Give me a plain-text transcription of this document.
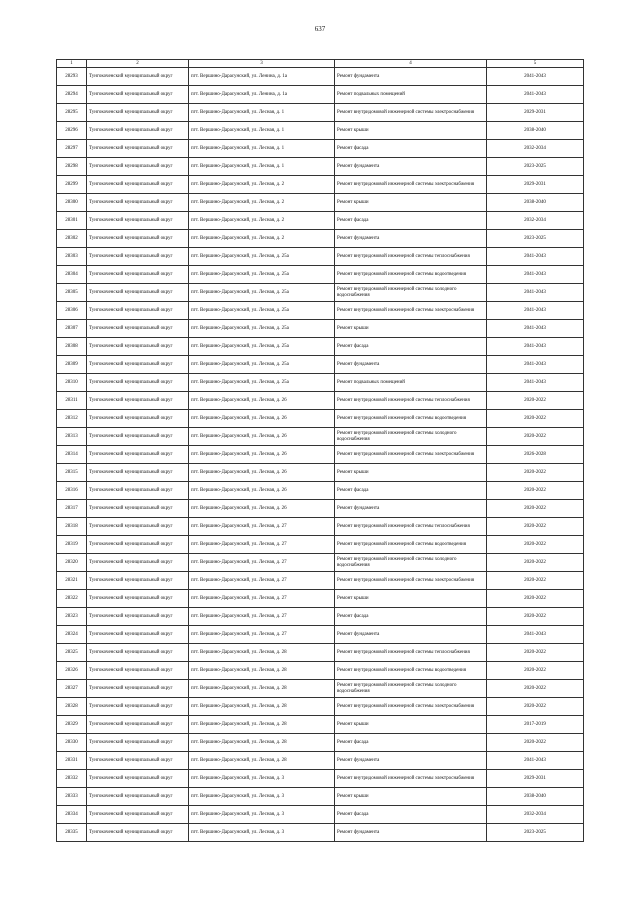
637
1	2	3	4	5
28293	Тунгокоченский муниципальный округ	пгт. Вершино-Дарасунский, ул. Ленина, д. 1а	Ремонт фундамента	2041-2043
28294	Тунгокоченский муниципальный округ	пгт. Вершино-Дарасунский, ул. Ленина, д. 1а	Ремонт подвальных помещений	2041-2043
28295	Тунгокоченский муниципальный округ	пгт. Вершино-Дарасунский, ул. Лесная, д. 1	Ремонт внутридомовой инженерной системы электроснабжения	2029-2031
28296	Тунгокоченский муниципальный округ	пгт. Вершино-Дарасунский, ул. Лесная, д. 1	Ремонт крыши	2038-2040
28297	Тунгокоченский муниципальный округ	пгт. Вершино-Дарасунский, ул. Лесная, д. 1	Ремонт фасада	2032-2034
28298	Тунгокоченский муниципальный округ	пгт. Вершино-Дарасунский, ул. Лесная, д. 1	Ремонт фундамента	2023-2025
28299	Тунгокоченский муниципальный округ	пгт. Вершино-Дарасунский, ул. Лесная, д. 2	Ремонт внутридомовой инженерной системы электроснабжения	2029-2031
28300	Тунгокоченский муниципальный округ	пгт. Вершино-Дарасунский, ул. Лесная, д. 2	Ремонт крыши	2038-2040
28301	Тунгокоченский муниципальный округ	пгт. Вершино-Дарасунский, ул. Лесная, д. 2	Ремонт фасада	2032-2034
28302	Тунгокоченский муниципальный округ	пгт. Вершино-Дарасунский, ул. Лесная, д. 2	Ремонт фундамента	2023-2025
28303	Тунгокоченский муниципальный округ	пгт. Вершино-Дарасунский, ул. Лесная, д. 25а	Ремонт внутридомовой инженерной системы теплоснабжения	2041-2043
28304	Тунгокоченский муниципальный округ	пгт. Вершино-Дарасунский, ул. Лесная, д. 25а	Ремонт внутридомовой инженерной системы водоотведения	2041-2043
28305	Тунгокоченский муниципальный округ	пгт. Вершино-Дарасунский, ул. Лесная, д. 25а	Ремонт внутридомовой инженерной системы холодного водоснабжения	2041-2043
28306	Тунгокоченский муниципальный округ	пгт. Вершино-Дарасунский, ул. Лесная, д. 25а	Ремонт внутридомовой инженерной системы электроснабжения	2041-2043
28307	Тунгокоченский муниципальный округ	пгт. Вершино-Дарасунский, ул. Лесная, д. 25а	Ремонт крыши	2041-2043
28308	Тунгокоченский муниципальный округ	пгт. Вершино-Дарасунский, ул. Лесная, д. 25а	Ремонт фасада	2041-2043
28309	Тунгокоченский муниципальный округ	пгт. Вершино-Дарасунский, ул. Лесная, д. 25а	Ремонт фундамента	2041-2043
28310	Тунгокоченский муниципальный округ	пгт. Вершино-Дарасунский, ул. Лесная, д. 25а	Ремонт подвальных помещений	2041-2043
28311	Тунгокоченский муниципальный округ	пгт. Вершино-Дарасунский, ул. Лесная, д. 26	Ремонт внутридомовой инженерной системы теплоснабжения	2020-2022
28312	Тунгокоченский муниципальный округ	пгт. Вершино-Дарасунский, ул. Лесная, д. 26	Ремонт внутридомовой инженерной системы водоотведения	2020-2022
28313	Тунгокоченский муниципальный округ	пгт. Вершино-Дарасунский, ул. Лесная, д. 26	Ремонт внутридомовой инженерной системы холодного водоснабжения	2020-2022
28314	Тунгокоченский муниципальный округ	пгт. Вершино-Дарасунский, ул. Лесная, д. 26	Ремонт внутридомовой инженерной системы электроснабжения	2026-2028
28315	Тунгокоченский муниципальный округ	пгт. Вершино-Дарасунский, ул. Лесная, д. 26	Ремонт крыши	2020-2022
28316	Тунгокоченский муниципальный округ	пгт. Вершино-Дарасунский, ул. Лесная, д. 26	Ремонт фасада	2020-2022
28317	Тунгокоченский муниципальный округ	пгт. Вершино-Дарасунский, ул. Лесная, д. 26	Ремонт фундамента	2020-2022
28318	Тунгокоченский муниципальный округ	пгт. Вершино-Дарасунский, ул. Лесная, д. 27	Ремонт внутридомовой инженерной системы теплоснабжения	2020-2022
28319	Тунгокоченский муниципальный округ	пгт. Вершино-Дарасунский, ул. Лесная, д. 27	Ремонт внутридомовой инженерной системы водоотведения	2020-2022
28320	Тунгокоченский муниципальный округ	пгт. Вершино-Дарасунский, ул. Лесная, д. 27	Ремонт внутридомовой инженерной системы холодного водоснабжения	2020-2022
28321	Тунгокоченский муниципальный округ	пгт. Вершино-Дарасунский, ул. Лесная, д. 27	Ремонт внутридомовой инженерной системы электроснабжения	2020-2022
28322	Тунгокоченский муниципальный округ	пгт. Вершино-Дарасунский, ул. Лесная, д. 27	Ремонт крыши	2020-2022
28323	Тунгокоченский муниципальный округ	пгт. Вершино-Дарасунский, ул. Лесная, д. 27	Ремонт фасада	2020-2022
28324	Тунгокоченский муниципальный округ	пгт. Вершино-Дарасунский, ул. Лесная, д. 27	Ремонт фундамента	2041-2043
28325	Тунгокоченский муниципальный округ	пгт. Вершино-Дарасунский, ул. Лесная, д. 28	Ремонт внутридомовой инженерной системы теплоснабжения	2020-2022
28326	Тунгокоченский муниципальный округ	пгт. Вершино-Дарасунский, ул. Лесная, д. 28	Ремонт внутридомовой инженерной системы водоотведения	2020-2022
28327	Тунгокоченский муниципальный округ	пгт. Вершино-Дарасунский, ул. Лесная, д. 28	Ремонт внутридомовой инженерной системы холодного водоснабжения	2020-2022
28328	Тунгокоченский муниципальный округ	пгт. Вершино-Дарасунский, ул. Лесная, д. 28	Ремонт внутридомовой инженерной системы электроснабжения	2020-2022
28329	Тунгокоченский муниципальный округ	пгт. Вершино-Дарасунский, ул. Лесная, д. 28	Ремонт крыши	2017-2019
28330	Тунгокоченский муниципальный округ	пгт. Вершино-Дарасунский, ул. Лесная, д. 28	Ремонт фасада	2020-2022
28331	Тунгокоченский муниципальный округ	пгт. Вершино-Дарасунский, ул. Лесная, д. 28	Ремонт фундамента	2041-2043
28332	Тунгокоченский муниципальный округ	пгт. Вершино-Дарасунский, ул. Лесная, д. 3	Ремонт внутридомовой инженерной системы электроснабжения	2029-2031
28333	Тунгокоченский муниципальный округ	пгт. Вершино-Дарасунский, ул. Лесная, д. 3	Ремонт крыши	2038-2040
28334	Тунгокоченский муниципальный округ	пгт. Вершино-Дарасунский, ул. Лесная, д. 3	Ремонт фасада	2032-2034
28335	Тунгокоченский муниципальный округ	пгт. Вершино-Дарасунский, ул. Лесная, д. 3	Ремонт фундамента	2023-2025
